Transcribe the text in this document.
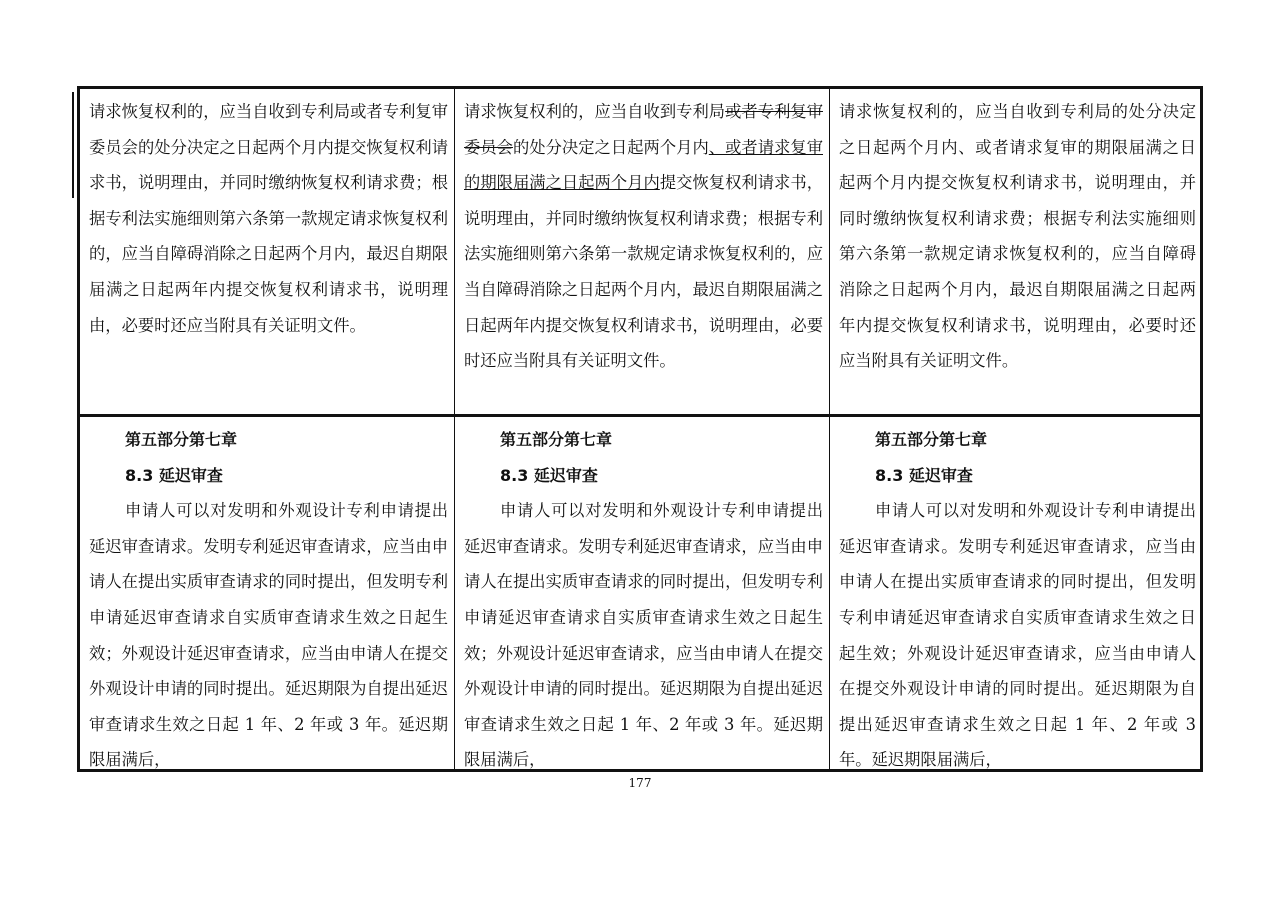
请求恢复权利的，应当自收到专利局或者专利复审委员会的处分决定之日起两个月内提交恢复权利请求书，说明理由，并同时缴纳恢复权利请求费；根据专利法实施细则第六条第一款规定请求恢复权利的，应当自障碍消除之日起两个月内，最迟自期限届满之日起两年内提交恢复权利请求书，说明理由，必要时还应当附具有关证明文件。

请求恢复权利的，应当自收到专利局或者专利复审委员会的处分决定之日起两个月内、或者请求复审的期限届满之日起两个月内提交恢复权利请求书，说明理由，并同时缴纳恢复权利请求费；根据专利法实施细则第六条第一款规定请求恢复权利的，应当自障碍消除之日起两个月内，最迟自期限届满之日起两年内提交恢复权利请求书，说明理由，必要时还应当附具有关证明文件。

请求恢复权利的，应当自收到专利局的处分决定之日起两个月内、或者请求复审的期限届满之日起两个月内提交恢复权利请求书，说明理由，并同时缴纳恢复权利请求费；根据专利法实施细则第六条第一款规定请求恢复权利的，应当自障碍消除之日起两个月内，最迟自期限届满之日起两年内提交恢复权利请求书，说明理由，必要时还应当附具有关证明文件。

第五部分第七章

8.3 延迟审查

申请人可以对发明和外观设计专利申请提出延迟审查请求。发明专利延迟审查请求，应当由申请人在提出实质审查请求的同时提出，但发明专利申请延迟审查请求自实质审查请求生效之日起生效；外观设计延迟审查请求，应当由申请人在提交外观设计申请的同时提出。延迟期限为自提出延迟审查请求生效之日起 1 年、2 年或 3 年。延迟期限届满后，

第五部分第七章

8.3 延迟审查

申请人可以对发明和外观设计专利申请提出延迟审查请求。发明专利延迟审查请求，应当由申请人在提出实质审查请求的同时提出，但发明专利申请延迟审查请求自实质审查请求生效之日起生效；外观设计延迟审查请求，应当由申请人在提交外观设计申请的同时提出。延迟期限为自提出延迟审查请求生效之日起 1 年、2 年或 3 年。延迟期限届满后，

第五部分第七章

8.3 延迟审查

申请人可以对发明和外观设计专利申请提出延迟审查请求。发明专利延迟审查请求，应当由申请人在提出实质审查请求的同时提出，但发明专利申请延迟审查请求自实质审查请求生效之日起生效；外观设计延迟审查请求，应当由申请人在提交外观设计申请的同时提出。延迟期限为自提出延迟审查请求生效之日起 1 年、2 年或 3 年。延迟期限届满后，

177
